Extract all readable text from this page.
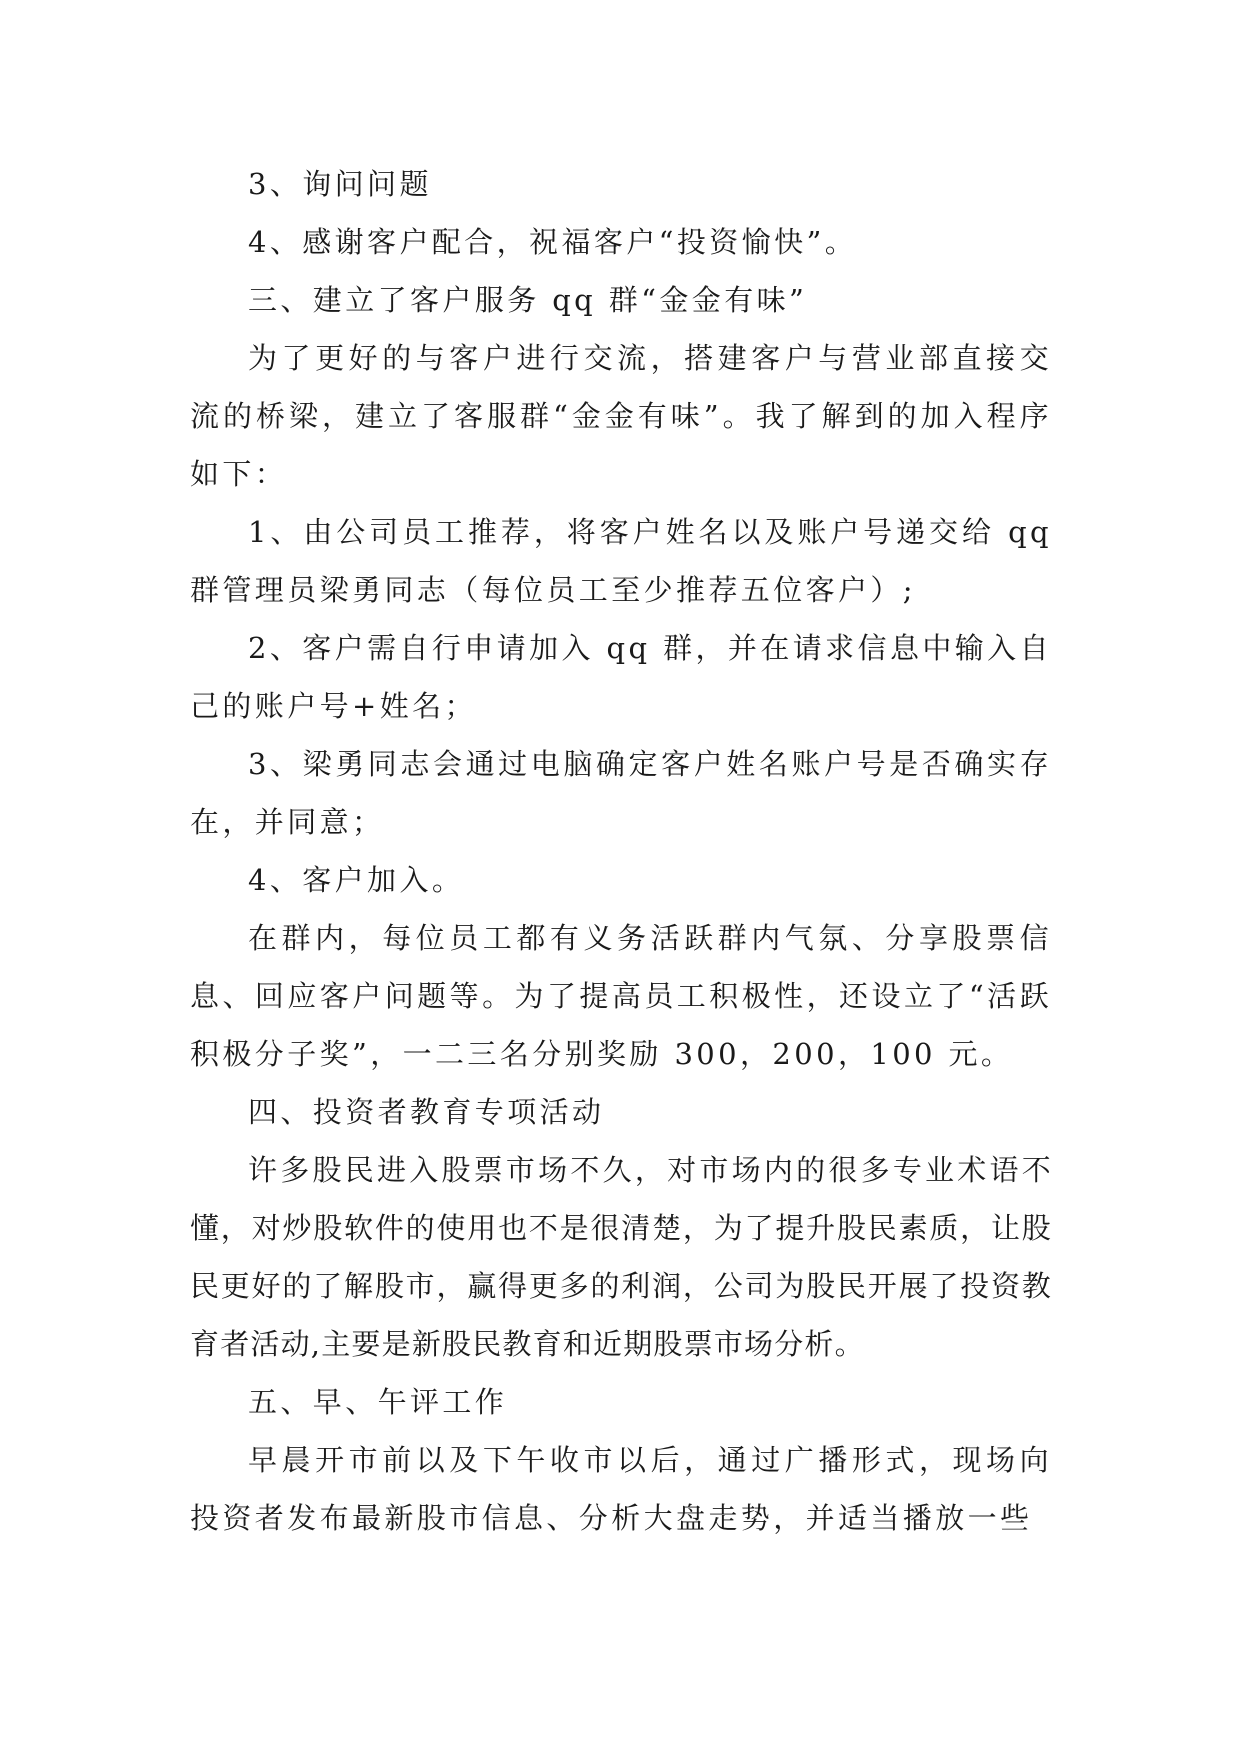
3、询问问题

4、感谢客户配合，祝福客户“投资愉快”。

三、建立了客户服务 qq 群“金金有味”

为了更好的与客户进行交流，搭建客户与营业部直接交流的桥梁，建立了客服群“金金有味”。我了解到的加入程序如下：

1、由公司员工推荐，将客户姓名以及账户号递交给 qq 群管理员梁勇同志（每位员工至少推荐五位客户）;

2、客户需自行申请加入 qq 群，并在请求信息中输入自己的账户号+姓名；

3、梁勇同志会通过电脑确定客户姓名账户号是否确实存在，并同意；

4、客户加入。

在群内，每位员工都有义务活跃群内气氛、分享股票信息、回应客户问题等。为了提高员工积极性，还设立了“活跃积极分子奖”，一二三名分别奖励 300，200，100 元。

四、投资者教育专项活动

许多股民进入股票市场不久，对市场内的很多专业术语不懂，对炒股软件的使用也不是很清楚，为了提升股民素质，让股民更好的了解股市，赢得更多的利润，公司为股民开展了投资教育者活动,主要是新股民教育和近期股票市场分析。

五、早、午评工作

早晨开市前以及下午收市以后，通过广播形式，现场向投资者发布最新股市信息、分析大盘走势，并适当播放一些
